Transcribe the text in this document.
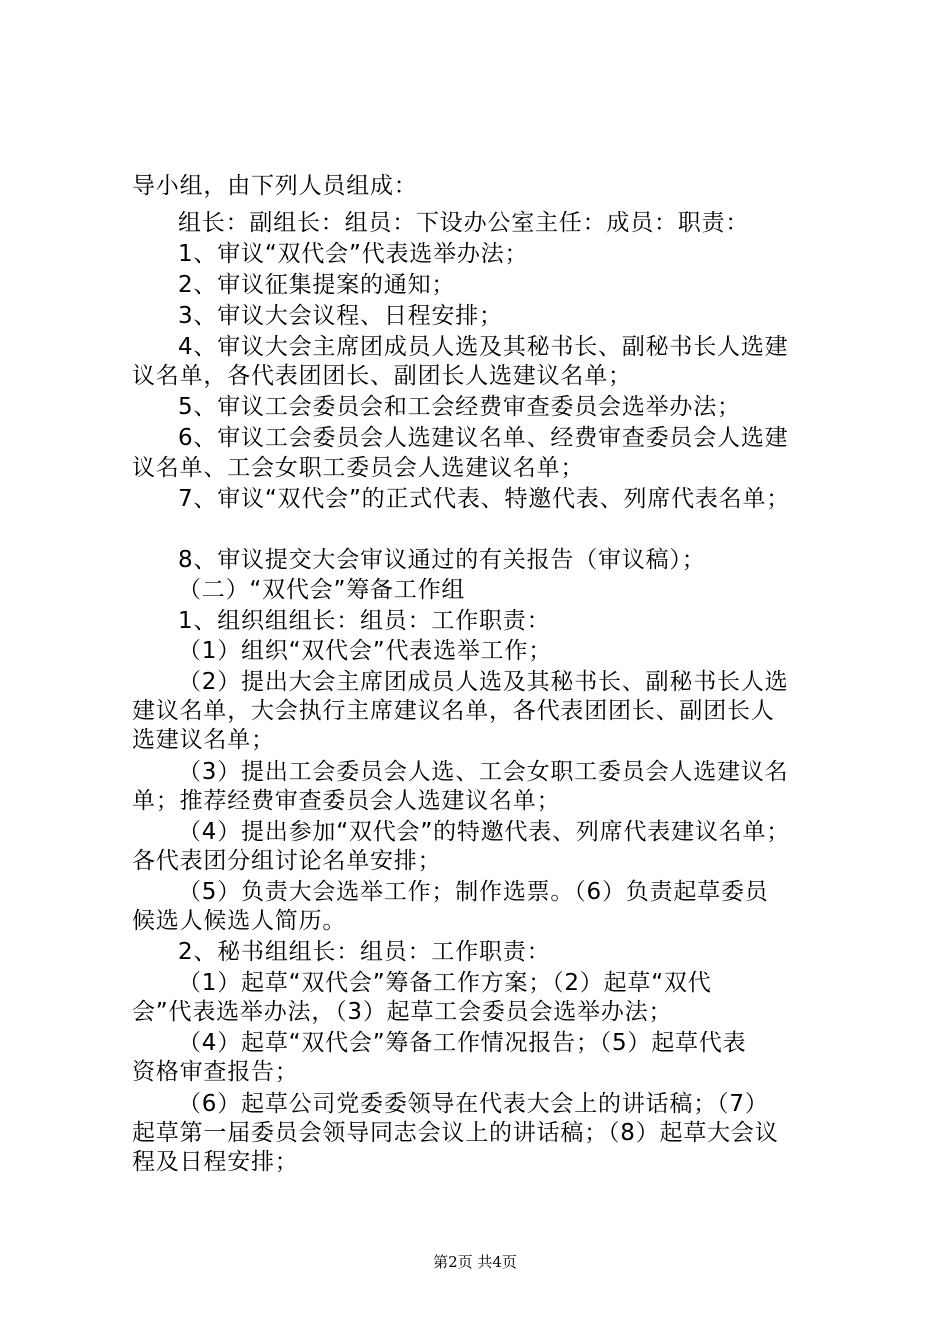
导小组，由下列人员组成：
组长：副组长：组员：下设办公室主任：成员：职责：
1、审议“双代会”代表选举办法；
2、审议征集提案的通知；
3、审议大会议程、日程安排；
4、审议大会主席团成员人选及其秘书长、副秘书长人选建
议名单，各代表团团长、副团长人选建议名单；
5、审议工会委员会和工会经费审查委员会选举办法；
6、审议工会委员会人选建议名单、经费审查委员会人选建
议名单、工会女职工委员会人选建议名单；
7、审议“双代会”的正式代表、特邀代表、列席代表名单；
8、审议提交大会审议通过的有关报告（审议稿）；
（二）“双代会”筹备工作组
1、组织组组长：组员：工作职责：
（1）组织“双代会”代表选举工作；
（2）提出大会主席团成员人选及其秘书长、副秘书长人选
建议名单，大会执行主席建议名单，各代表团团长、副团长人
选建议名单；
（3）提出工会委员会人选、工会女职工委员会人选建议名
单；推荐经费审查委员会人选建议名单；
（4）提出参加“双代会”的特邀代表、列席代表建议名单；
各代表团分组讨论名单安排；
（5）负责大会选举工作；制作选票。（6）负责起草委员
候选人候选人简历。
2、秘书组组长：组员：工作职责：
（1）起草“双代会”筹备工作方案；（2）起草“双代
会”代表选举办法，（3）起草工会委员会选举办法；
（4）起草“双代会”筹备工作情况报告；（5）起草代表
资格审查报告；
（6）起草公司党委委领导在代表大会上的讲话稿；（7）
起草第一届委员会领导同志会议上的讲话稿；（8）起草大会议
程及日程安排；
第2页 共4页
